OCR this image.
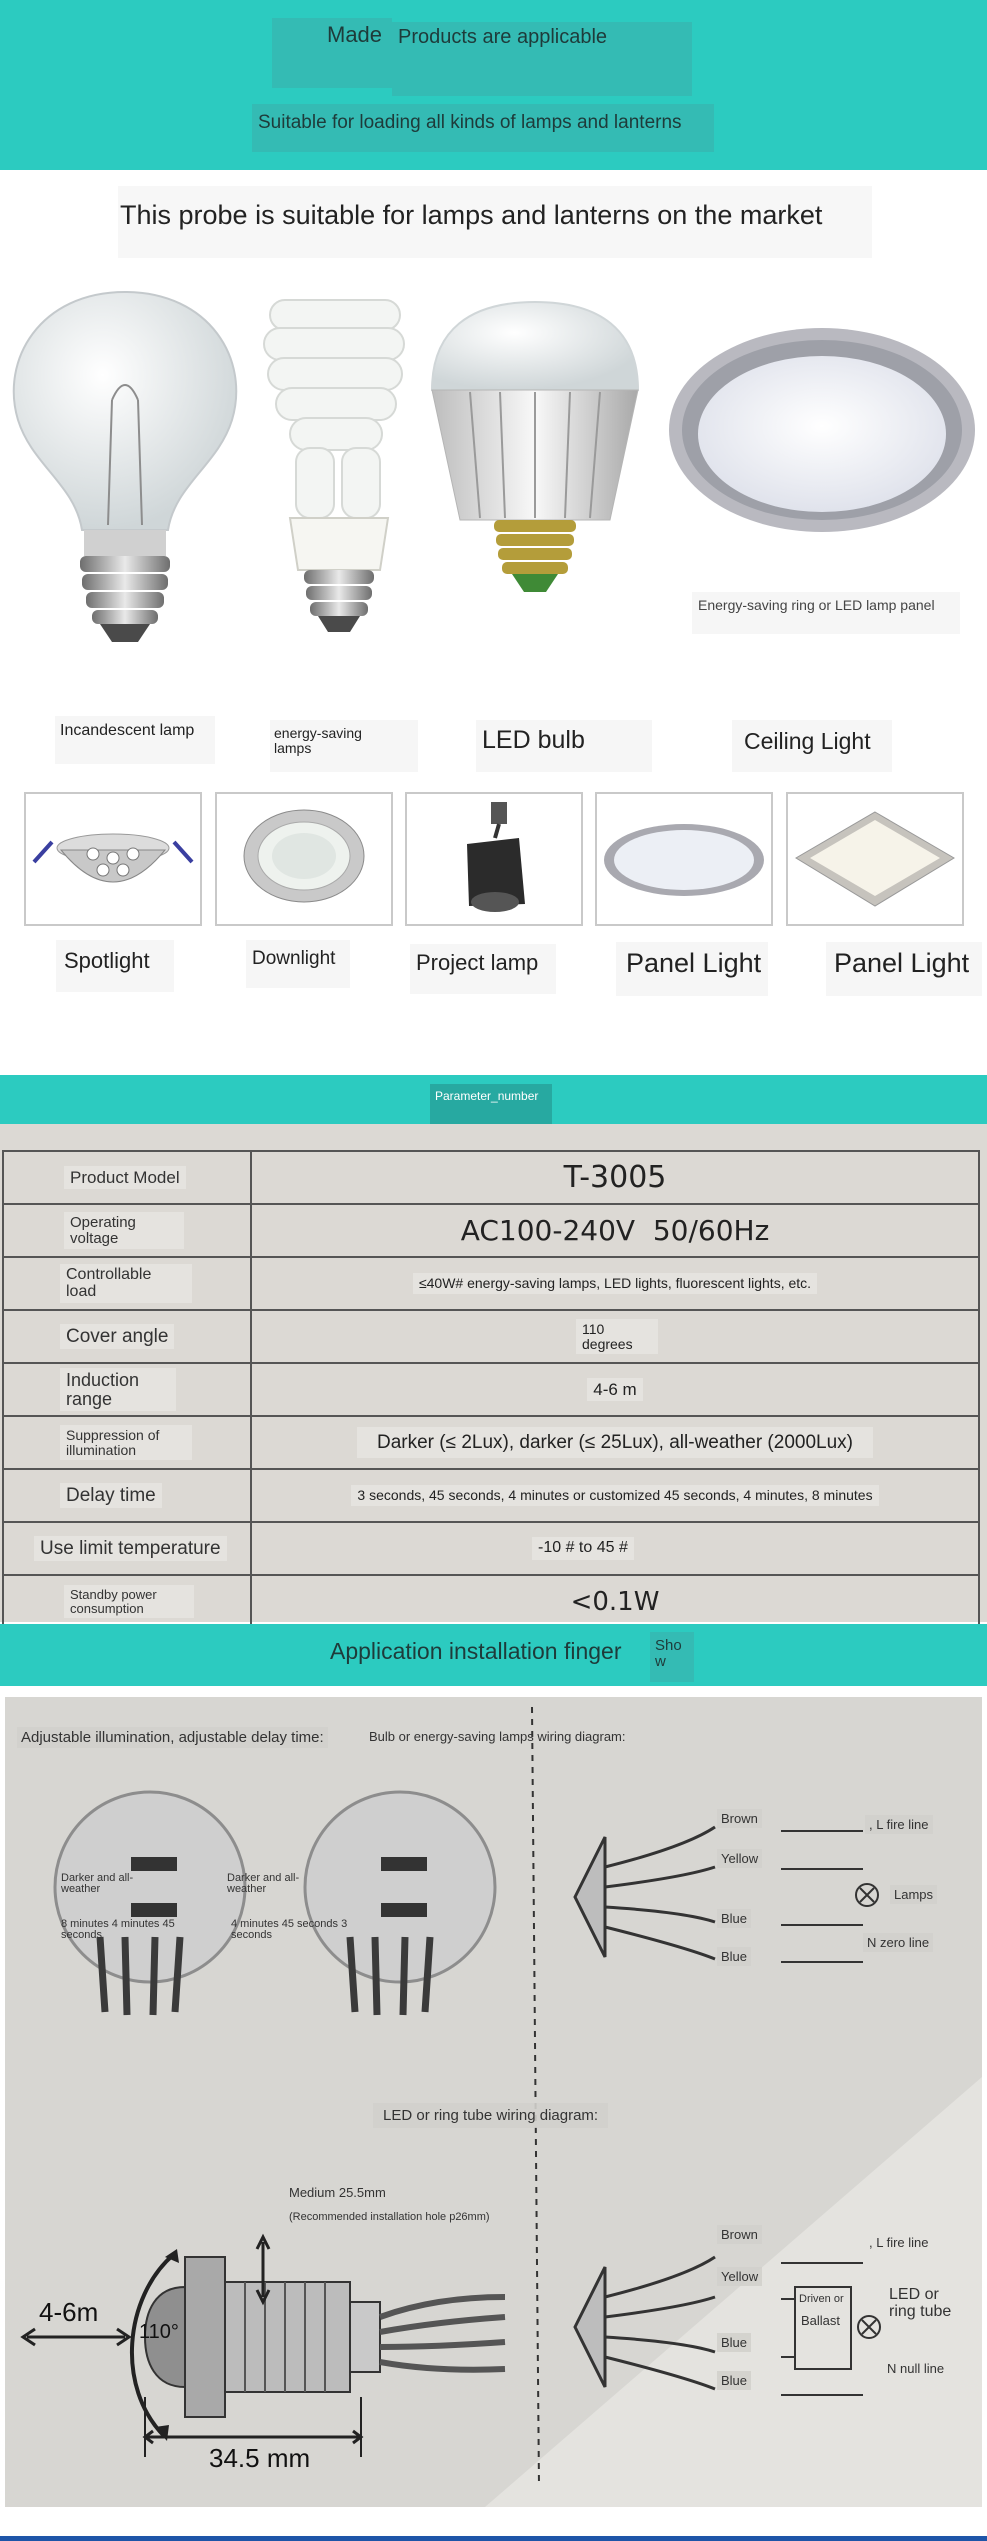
Made Products are applicable
Suitable for loading all kinds of lamps and lanterns
This probe is suitable for lamps and lanterns on the market
Energy-saving ring or LED lamp panel
Incandescent lamp	energy-saving lamps	LED bulb	Ceiling Light
Spotlight	Downlight	Project lamp	Panel Light	Panel Light
Parameter_number
Product Model	T-3005
Operating voltage	AC100-240V  50/60Hz
Controllable load	≤40W# energy-saving lamps, LED lights, fluorescent lights, etc.
Cover angle	110 degrees
Induction range	4-6 m
Suppression of illumination	Darker (≤ 2Lux), darker (≤ 25Lux), all-weather (2000Lux)
Delay time	3 seconds, 45 seconds, 4 minutes or customized 45 seconds, 4 minutes, 8 minutes
Use limit temperature	-10 # to 45 #
Standby power consumption	<0.1W
Application installation finger Show
Adjustable illumination, adjustable delay time:
Darker and all-weather
8 minutes 4 minutes 45 seconds
Darker and all-weather
4 minutes 45 seconds 3 seconds
Bulb or energy-saving lamps wiring diagram:
Brown
Yellow
Blue
Blue
, L fire line
Lamps
N zero line
LED or ring tube wiring diagram:
Brown
Yellow
Blue
Blue
, L fire line
Driven or
Ballast
LED or ring tube
N null line
Medium 25.5mm
(Recommended installation hole p26mm)
4-6m
110°
34.5 mm
